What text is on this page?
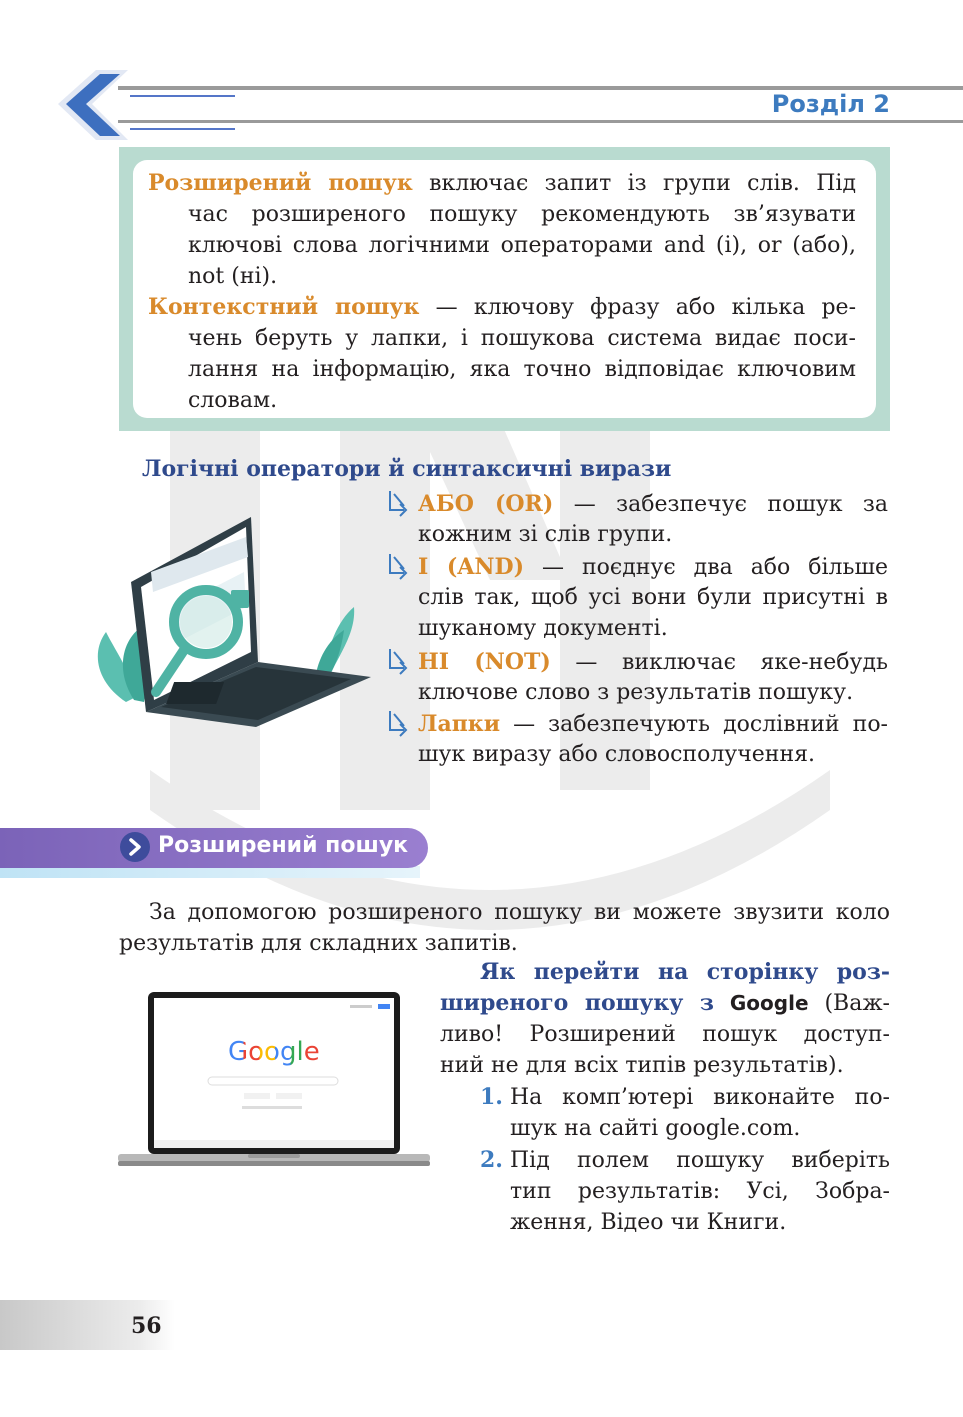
Розділ 2
Розширений пошук включає запит із групи слів. Під
час розширеного пошуку рекомендують зв’язувати
ключові слова логічними операторами and (і), or (або),
not (ні).
Контекстний пошук — ключову фразу або кілька ре-
чень беруть у лапки, і пошукова система видає поси-
лання на інформацію, яка точно відповідає ключовим
словам.
Логічні оператори й синтаксичні вирази
АБО (OR) — забезпечує пошук за
кожним зі слів групи.
І (AND) — поєднує два або більше
слів так, щоб усі вони були присутні в
шуканому документі.
НІ (NOT) — виключає яке-небудь
ключове слово з результатів пошуку.
Лапки — забезпечують дослівний по-
шук виразу або словосполучення.
Розширений пошук
За допомогою розширеного пошуку ви можете звузити коло
результатів для складних запитів.
Google
Як перейти на сторінку роз-
ширеного пошуку з Google (Важ-
ливо! Розширений пошук доступ-
ний не для всіх типів результатів).
1. На комп’ютері виконайте по-
шук на сайті google.com.
2. Під полем пошуку виберіть
тип результатів: Усі, Зобра-
ження, Відео чи Книги.
56
